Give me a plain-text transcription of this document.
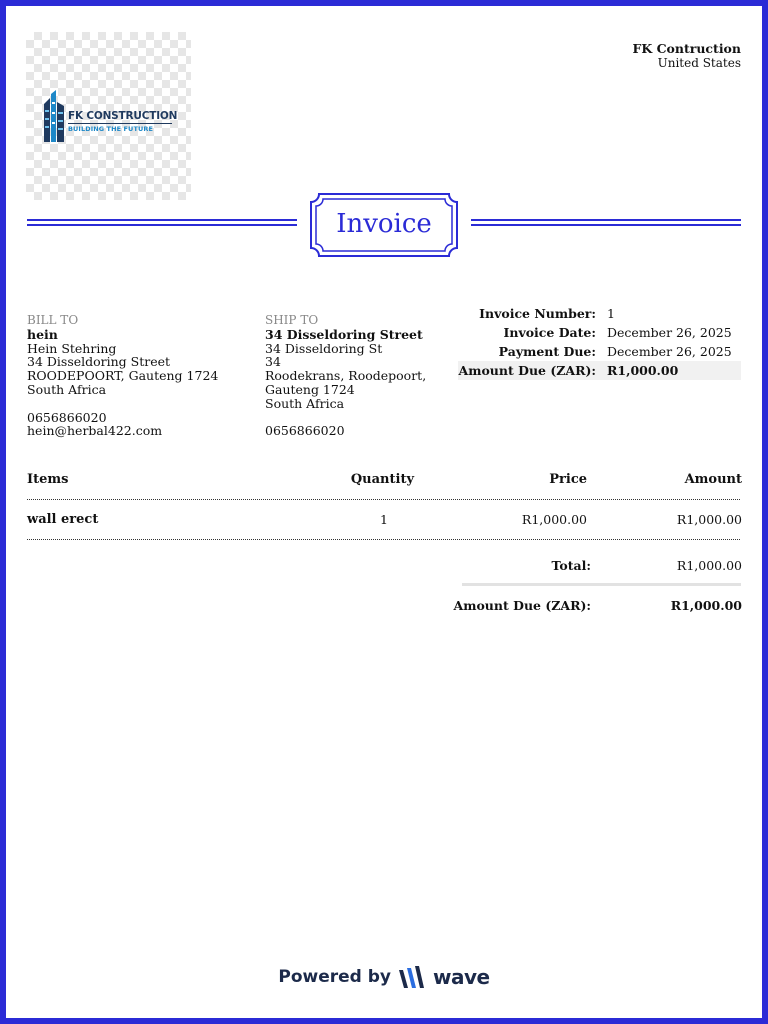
FK CONSTRUCTION
BUILDING THE FUTURE
FK Contruction
United States
Invoice
BILL TO
hein
Hein Stehring
34 Disseldoring Street
ROODEPOORT, Gauteng 1724
South Africa
0656866020
hein@herbal422.com
SHIP TO
34 Disseldoring Street
34 Disseldoring St
34
Roodekrans, Roodepoort,
Gauteng 1724
South Africa
0656866020
Invoice Number: 1
Invoice Date: December 26, 2025
Payment Due: December 26, 2025
Amount Due (ZAR): R1,000.00
Items	Quantity	Price	Amount
wall erect	1	R1,000.00	R1,000.00
Total:	R1,000.00
Amount Due (ZAR):	R1,000.00
Powered by wave
